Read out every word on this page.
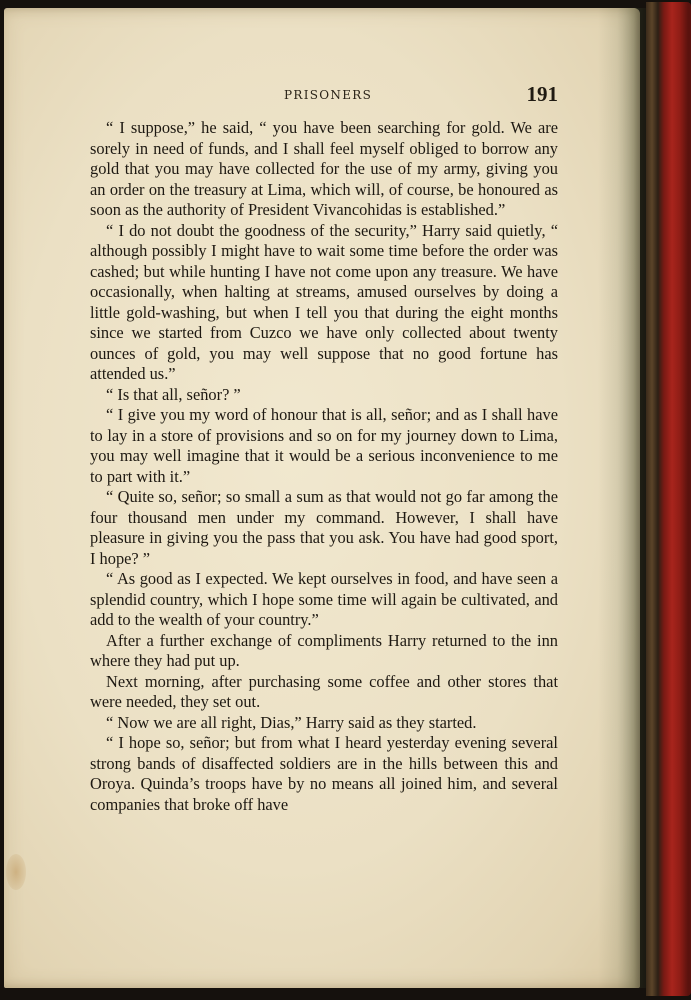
PRISONERS	191

“ I suppose,” he said, “ you have been searching for gold. We are sorely in need of funds, and I shall feel myself obliged to borrow any gold that you may have collected for the use of my army, giving you an order on the treasury at Lima, which will, of course, be honoured as soon as the authority of President Vivancohidas is established.”

“ I do not doubt the goodness of the security,” Harry said quietly, “ although possibly I might have to wait some time before the order was cashed; but while hunting I have not come upon any treasure. We have occasionally, when halting at streams, amused ourselves by doing a little gold-washing, but when I tell you that during the eight months since we started from Cuzco we have only collected about twenty ounces of gold, you may well suppose that no good fortune has attended us.”

“ Is that all, señor? ”

“ I give you my word of honour that is all, señor; and as I shall have to lay in a store of provisions and so on for my journey down to Lima, you may well imagine that it would be a serious inconvenience to me to part with it.”

“ Quite so, señor; so small a sum as that would not go far among the four thousand men under my command. However, I shall have pleasure in giving you the pass that you ask. You have had good sport, I hope? ”

“ As good as I expected. We kept ourselves in food, and have seen a splendid country, which I hope some time will again be cultivated, and add to the wealth of your country.”

After a further exchange of compliments Harry returned to the inn where they had put up.

Next morning, after purchasing some coffee and other stores that were needed, they set out.

“ Now we are all right, Dias,” Harry said as they started.

“ I hope so, señor; but from what I heard yesterday evening several strong bands of disaffected soldiers are in the hills between this and Oroya. Quinda’s troops have by no means all joined him, and several companies that broke off have
